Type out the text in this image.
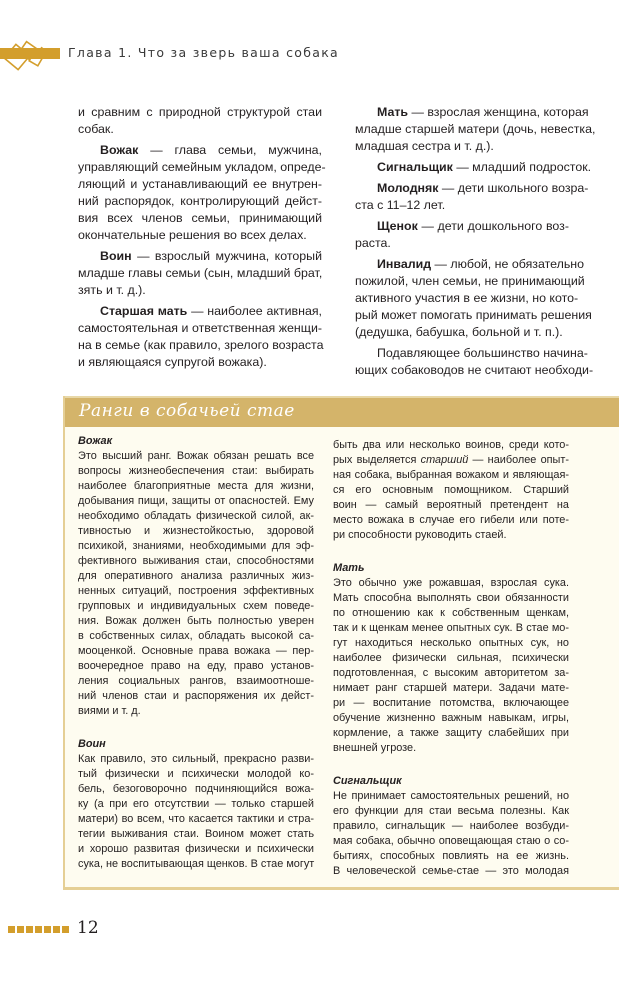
Глава 1. Что за зверь ваша собака
и сравним с природной структурой стаи
собак.
Вожак — глава семьи, мужчина,
управляющий семейным укладом, опреде-
ляющий и устанавливающий ее внутрен-
ний распорядок, контролирующий дейст-
вия всех членов семьи, принимающий
окончательные решения во всех делах.
Воин — взрослый мужчина, который
младше главы семьи (сын, младший брат,
зять и т. д.).
Старшая мать — наиболее активная,
самостоятельная и ответственная женщи-
на в семье (как правило, зрелого возраста
и являющаяся супругой вожака).
Мать — взрослая женщина, которая
младше старшей матери (дочь, невестка,
младшая сестра и т. д.).
Сигнальщик — младший подросток.
Молодняк — дети школьного возра-
ста с 11–12 лет.
Щенок — дети дошкольного воз-
раста.
Инвалид — любой, не обязательно
пожилой, член семьи, не принимающий
активного участия в ее жизни, но кото-
рый может помогать принимать решения
(дедушка, бабушка, больной и т. п.).
Подавляющее большинство начина-
ющих собаководов не считают необходи-
Ранги в собачьей стае
Вожак
Это высший ранг. Вожак обязан решать все
вопросы жизнеобеспечения стаи: выбирать
наиболее благоприятные места для жизни,
добывания пищи, защиты от опасностей. Ему
необходимо обладать физической силой, ак-
тивностью и жизнестойкостью, здоровой
психикой, знаниями, необходимыми для эф-
фективного выживания стаи, способностями
для оперативного анализа различных жиз-
ненных ситуаций, построения эффективных
групповых и индивидуальных схем поведе-
ния. Вожак должен быть полностью уверен
в собственных силах, обладать высокой са-
мооценкой. Основные права вожака — пер-
воочередное право на еду, право установ-
ления социальных рангов, взаимоотноше-
ний членов стаи и распоряжения их дейст-
виями и т. д.
Воин
Как правило, это сильный, прекрасно разви-
тый физически и психически молодой ко-
бель, безоговорочно подчиняющийся вожа-
ку (а при его отсутствии — только старшей
матери) во всем, что касается тактики и стра-
тегии выживания стаи. Воином может стать
и хорошо развитая физически и психически
сука, не воспитывающая щенков. В стае могут
быть два или несколько воинов, среди кото-
рых выделяется старший — наиболее опыт-
ная собака, выбранная вожаком и являющая-
ся его основным помощником. Старший
воин — самый вероятный претендент на
место вожака в случае его гибели или поте-
ри способности руководить стаей.
Мать
Это обычно уже рожавшая, взрослая сука.
Мать способна выполнять свои обязанности
по отношению как к собственным щенкам,
так и к щенкам менее опытных сук. В стае мо-
гут находиться несколько опытных сук, но
наиболее физически сильная, психически
подготовленная, с высоким авторитетом за-
нимает ранг старшей матери. Задачи мате-
ри — воспитание потомства, включающее
обучение жизненно важным навыкам, игры,
кормление, а также защиту слабейших при
внешней угрозе.
Сигнальщик
Не принимает самостоятельных решений, но
его функции для стаи весьма полезны. Как
правило, сигнальщик — наиболее возбуди-
мая собака, обычно оповещающая стаю о со-
бытиях, способных повлиять на ее жизнь.
В человеческой семье-стае — это молодая
12
